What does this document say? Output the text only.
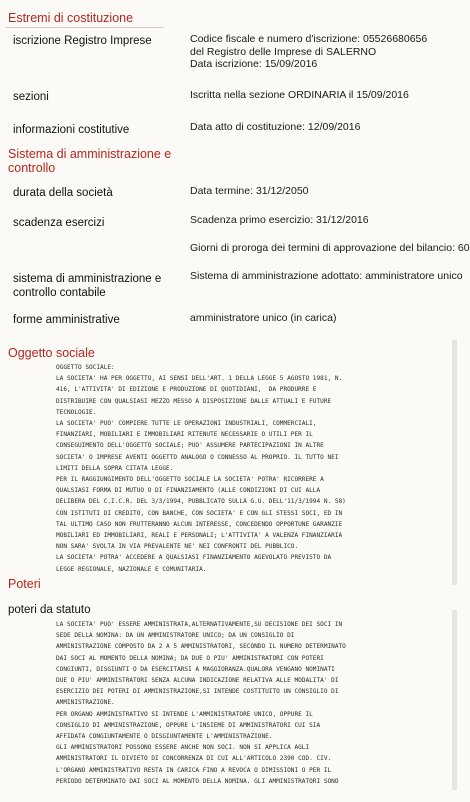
Estremi di costituzione
iscrizione Registro Imprese	Codice fiscale e numero d'iscrizione: 05526680656
del Registro delle Imprese di SALERNO
Data iscrizione: 15/09/2016
sezioni	Iscritta nella sezione ORDINARIA il 15/09/2016
informazioni costitutive	Data atto di costituzione: 12/09/2016
Sistema di amministrazione e
controllo
durata della società	Data termine: 31/12/2050
scadenza esercizi	Scadenza primo esercizio: 31/12/2016
Giorni di proroga dei termini di approvazione del bilancio: 60
sistema di amministrazione e
controllo contabile
Sistema di amministrazione adottato: amministratore unico
forme amministrative	amministratore unico (in carica)
Oggetto sociale
OGGETTO SOCIALE:
LA SOCIETA' HA PER OGGETTO, AI SENSI DELL'ART. 1 DELLA LEGGE 5 AGOSTO 1981, N.
416, L'ATTIVITA' DI EDIZIONE E PRODUZIONE DI QUOTIDIANI,  DA PRODURRE E
DISTRIBUIRE CON QUALSIASI MEZZO MESSO A DISPOSIZIONE DALLE ATTUALI E FUTURE
TECNOLOGIE.
LA SOCIETA' PUO' COMPIERE TUTTE LE OPERAZIONI INDUSTRIALI, COMMERCIALI,
FINANZIARI, MOBILIARI E IMMOBILIARI RITENUTE NECESSARIE O UTILI PER IL
CONSEGUIMENTO DELL'OGGETTO SOCIALE; PUO' ASSUMERE PARTECIPAZIONI IN ALTRE
SOCIETA' O IMPRESE AVENTI OGGETTO ANALOGO O CONNESSO AL PROPRIO. IL TUTTO NEI
LIMITI DELLA SOPRA CITATA LEGGE.
PER IL RAGGIUNGIMENTO DELL'OGGETTO SOCIALE LA SOCIETA' POTRA' RICORRERE A
QUALSIASI FORMA DI MUTUO O DI FINANZIAMENTO (ALLE CONDIZIONI DI CUI ALLA
DELIBERA DEL C.I.C.R. DEL 3/3/1994, PUBBLICATO SULLA G.U. DELL'11/3/1994 N. 58)
CON ISTITUTI DI CREDITO, CON BANCHE, CON SOCIETA' E CON GLI STESSI SOCI, ED IN
TAL ULTIMO CASO NON FRUTTERANNO ALCUN INTERESSE, CONCEDENDO OPPORTUNE GARANZIE
MOBILIARI ED IMMOBILIARI, REALI E PERSONALI; L'ATTIVITA' A VALENZA FINANZIARIA
NON SARA' SVOLTA IN VIA PREVALENTE NE' NEI CONFRONTI DEL PUBBLICO.
LA SOCIETA' POTRA' ACCEDERE A QUALSIASI FINANZIAMENTO AGEVOLATO PREVISTO DA
LEGGE REGIONALE, NAZIONALE E COMUNITARIA.
Poteri
poteri da statuto
LA SOCIETA' PUO' ESSERE AMMINISTRATA,ALTERNATIVAMENTE,SU DECISIONE DEI SOCI IN
SEDE DELLA NOMINA: DA UN AMMINISTRATORE UNICO; DA UN CONSIGLIO DI
AMMINISTRAZIONE COMPOSTO DA 2 A 5 AMMINISTRATORI, SECONDO IL NUMERO DETERMINATO
DAI SOCI AL MOMENTO DELLA NOMINA; DA DUE O PIU' AMMINISTRATORI CON POTERI
CONGIUNTI, DISGIUNTI O DA ESERCITARSI A MAGGIORANZA.QUALORA VENGANO NOMINATI
DUE O PIU' AMMINISTRATORI SENZA ALCUNA INDICAZIONE RELATIVA ALLE MODALITA' DI
ESERCIZIO DEI POTERI DI AMMINISTRAZIONE,SI INTENDE COSTITUITO UN CONSIGLIO DI
AMMINISTRAZIONE.
PER ORGANO AMMINISTRATIVO SI INTENDE L'AMMINISTRATORE UNICO, OPPURE IL
CONSIGLIO DI AMMINISTRAZIONE, OPPURE L'INSIEME DI AMMINISTRATORI CUI SIA
AFFIDATA CONGIUNTAMENTE O DISGIUNTAMENTE L'AMMINISTRAZIONE.
GLI AMMINISTRATORI POSSONO ESSERE ANCHE NON SOCI. NON SI APPLICA AGLI
AMMINISTRATORI IL DIVIETO DI CONCORRENZA DI CUI ALL'ARTICOLO 2390 COD. CIV.
L'ORGANO AMMINISTRATIVO RESTA IN CARICA FINO A REVOCA O DIMISSIONI O PER IL
PERIODO DETERMINATO DAI SOCI AL MOMENTO DELLA NOMINA. GLI AMMINISTRATORI SONO
